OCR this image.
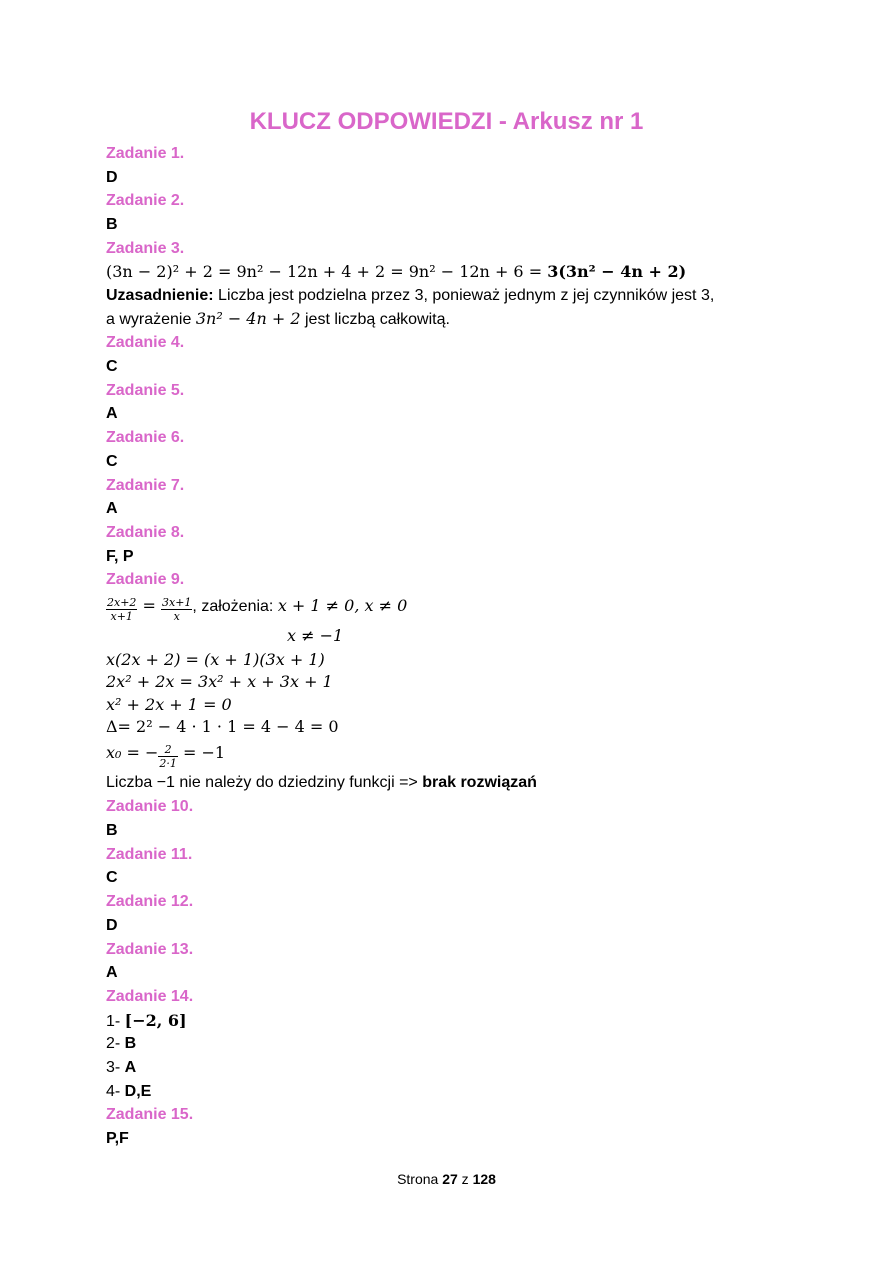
KLUCZ ODPOWIEDZI - Arkusz nr 1
Zadanie 1.
D
Zadanie 2.
B
Zadanie 3.
(3n − 2)² + 2 = 9n² − 12n + 4 + 2 = 9n² − 12n + 6 = 3(3n² − 4n + 2)
Uzasadnienie: Liczba jest podzielna przez 3, ponieważ jednym z jej czynników jest 3,
a wyrażenie 3n² − 4n + 2 jest liczbą całkowitą.
Zadanie 4.
C
Zadanie 5.
A
Zadanie 6.
C
Zadanie 7.
A
Zadanie 8.
F, P
Zadanie 9.
$\frac{2x+2}{x+1} = \frac{3x+1}{x}$ , założenia: x + 1 ≠ 0, x ≠ 0
x ≠ −1
x(2x + 2) = (x + 1)(3x + 1)
2x² + 2x = 3x² + x + 3x + 1
x² + 2x + 1 = 0
Δ= 2² − 4 · 1 · 1 = 4 − 4 = 0
x₀ = − $\frac{2}{2\cdot 1} = -1$
Liczba −1 nie należy do dziedziny funkcji => brak rozwiązań
Zadanie 10.
B
Zadanie 11.
C
Zadanie 12.
D
Zadanie 13.
A
Zadanie 14.
1- [−2, 6]
2- B
3- A
4- D,E
Zadanie 15.
P,F
Strona 27 z 128
